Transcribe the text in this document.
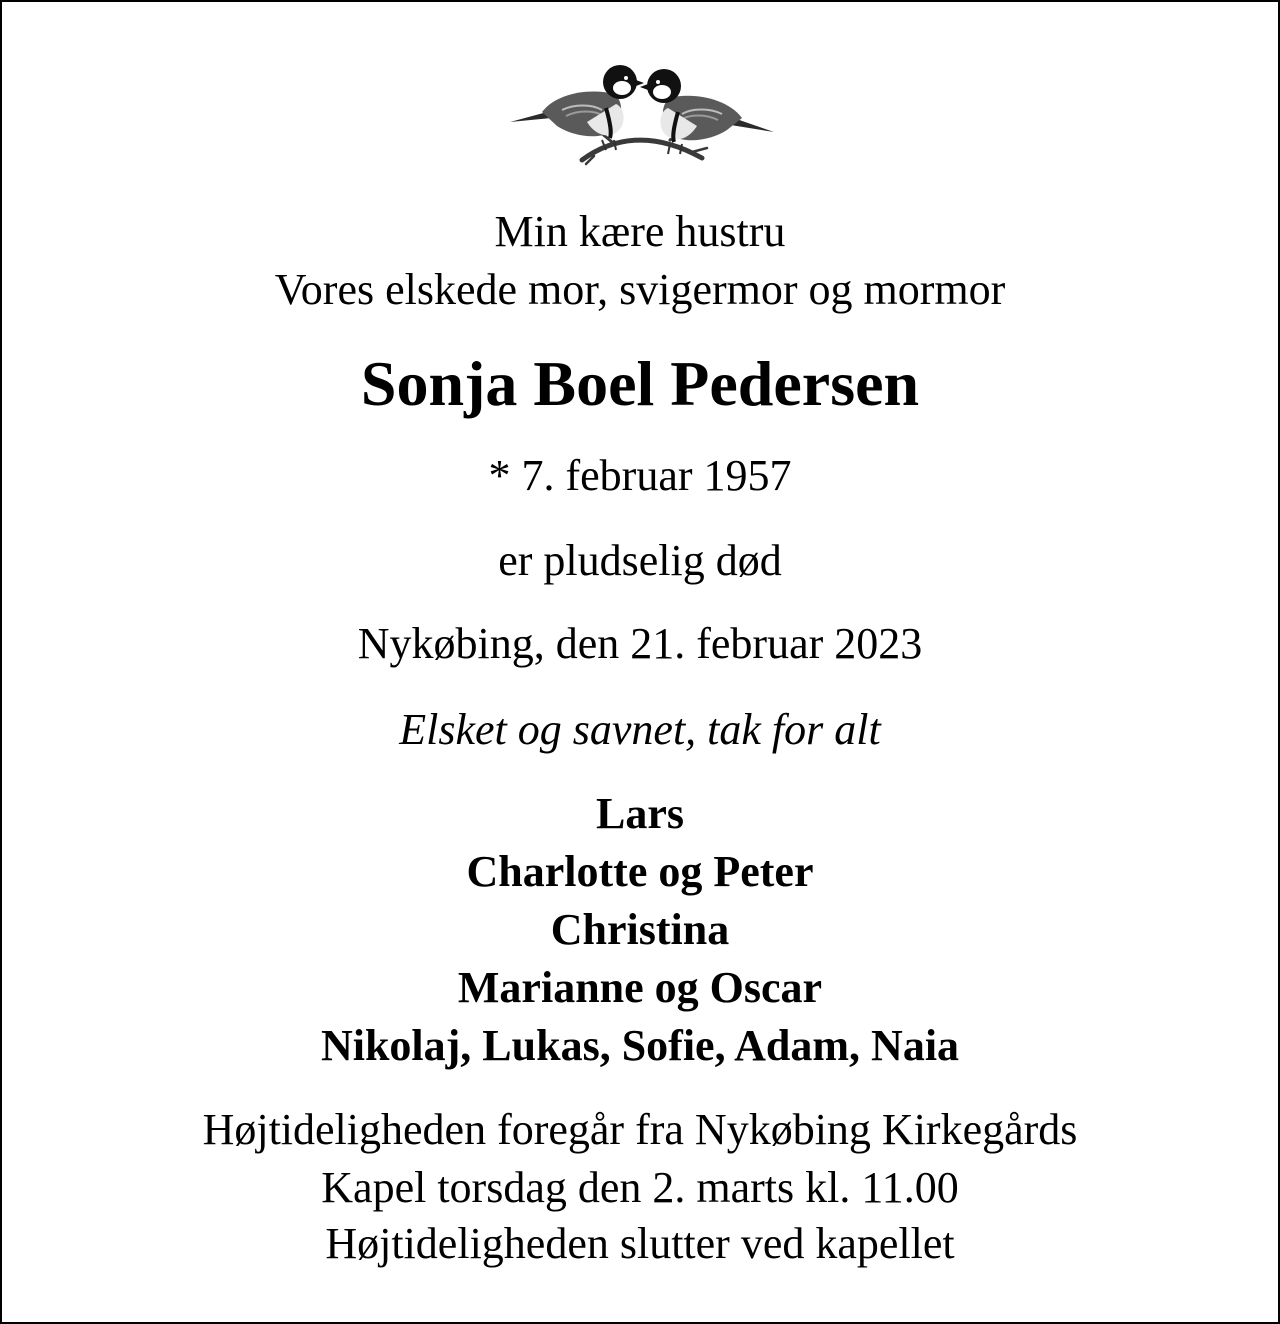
Min kære hustru
Vores elskede mor, svigermor og mormor
Sonja Boel Pedersen
* 7. februar 1957
er pludselig død
Nykøbing, den 21. februar 2023
Elsket og savnet, tak for alt
Lars
Charlotte og Peter
Christina
Marianne og Oscar
Nikolaj, Lukas, Sofie, Adam, Naia
Højtideligheden foregår fra Nykøbing Kirkegårds
Kapel torsdag den 2. marts kl. 11.00
Højtideligheden slutter ved kapellet
